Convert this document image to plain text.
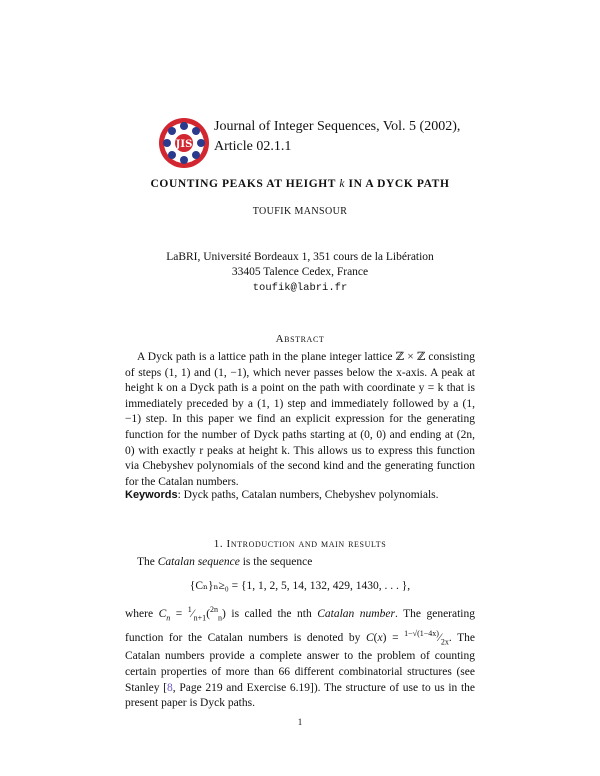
JIS
Journal of Integer Sequences, Vol. 5 (2002),
Article 02.1.1
COUNTING PEAKS AT HEIGHT k IN A DYCK PATH
TOUFIK MANSOUR
LaBRI, Université Bordeaux 1, 351 cours de la Libération
33405 Talence Cedex, France
toufik@labri.fr
Abstract

A Dyck path is a lattice path in the plane integer lattice ℤ × ℤ consisting of steps (1, 1) and (1, −1), which never passes below the x-axis. A peak at height k on a Dyck path is a point on the path with coordinate y = k that is immediately preceded by a (1, 1) step and immediately followed by a (1, −1) step. In this paper we find an explicit expression for the generating function for the number of Dyck paths starting at (0, 0) and ending at (2n, 0) with exactly r peaks at height k. This allows us to express this function via Chebyshev polynomials of the second kind and the generating function for the Catalan numbers.

Keywords: Dyck paths, Catalan numbers, Chebyshev polynomials.
1. Introduction and main results

The Catalan sequence is the sequence

{Cₙ}ₙ≥₀ = {1, 1, 2, 5, 14, 132, 429, 1430, . . . },

where $C_n$ = $^1⁄_{n+1}(^{2n}_n)$ is called the nth Catalan number. The generating function for the Catalan numbers is denoted by $C(x) = ^{1-√(1-4x)}⁄_{2x}$. The Catalan numbers provide a complete answer to the problem of counting certain properties of more than 66 different combinatorial structures (see Stanley [8, Page 219 and Exercise 6.19]). The structure of use to us in the present paper is Dyck paths.

1
